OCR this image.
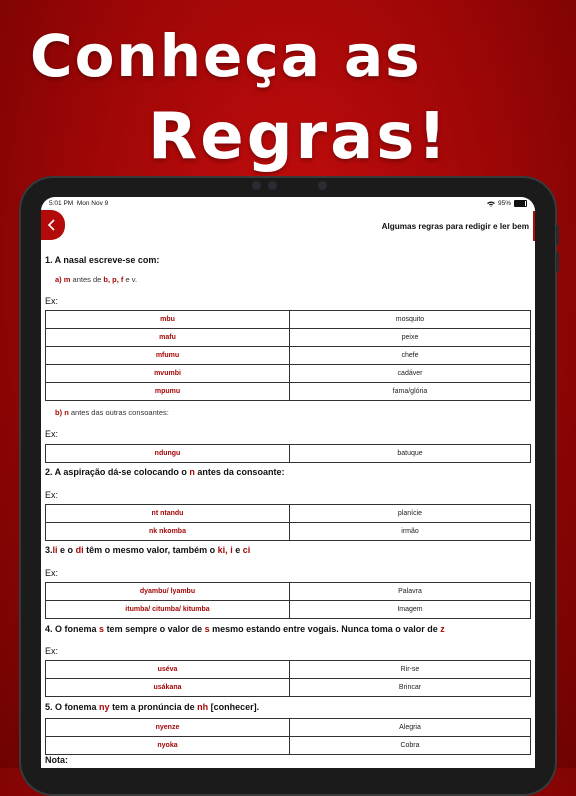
Conheça as
Regras!
5:01 PM Mon Nov 9	95%
Algumas regras para redigir e ler bem

1. A nasal escreve-se com:

a) m antes de b, p, f e v.
Ex:
mbu	mosquito
mafu	peixe
mfumu	chefe
mvumbi	cadáver
mpumu	fama/glória
b) n antes das outras consoantes:
Ex:
ndungu	batuque
2. A aspiração dá-se colocando o n antes da consoante:
Ex:
nt ntandu	planície
nk nkomba	irmão
3.li e o di têm o mesmo valor, também o ki, i e ci
Ex:
dyambu/ lyambu	Palavra
itumba/ citumba/ kitumba	Imagem
4. O fonema s tem sempre o valor de s mesmo estando entre vogais. Nunca toma o valor de z
Ex:
uséva	Rir-se
usákana	Brincar
5. O fonema ny tem a pronúncia de nh [conhecer].
nyenze	Alegria
nyoka	Cobra
Nota:
